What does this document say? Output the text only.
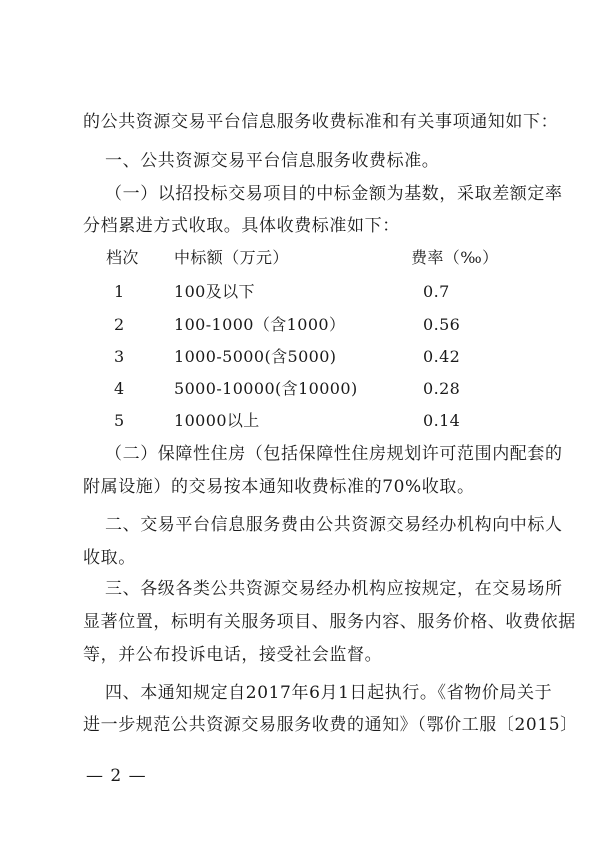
的公共资源交易平台信息服务收费标准和有关事项通知如下：
一、公共资源交易平台信息服务收费标准。
（一）以招投标交易项目的中标金额为基数，采取差额定率
分档累进方式收取。具体收费标准如下：
档次 中标额（万元）	费率（‰）
1	100及以下	0.7
2	100-1000（含1000）	0.56
3	1000-5000(含5000)	0.42
4	5000-10000(含10000)	0.28
5	10000以上	0.14
（二）保障性住房（包括保障性住房规划许可范围内配套的
附属设施）的交易按本通知收费标准的70%收取。
二、交易平台信息服务费由公共资源交易经办机构向中标人
收取。
三、各级各类公共资源交易经办机构应按规定，在交易场所
显著位置，标明有关服务项目、服务内容、服务价格、收费依据
等，并公布投诉电话，接受社会监督。
四、本通知规定自2017年6月1日起执行。《省物价局关于
进一步规范公共资源交易服务收费的通知》（鄂价工服〔2015〕
— 2 —
